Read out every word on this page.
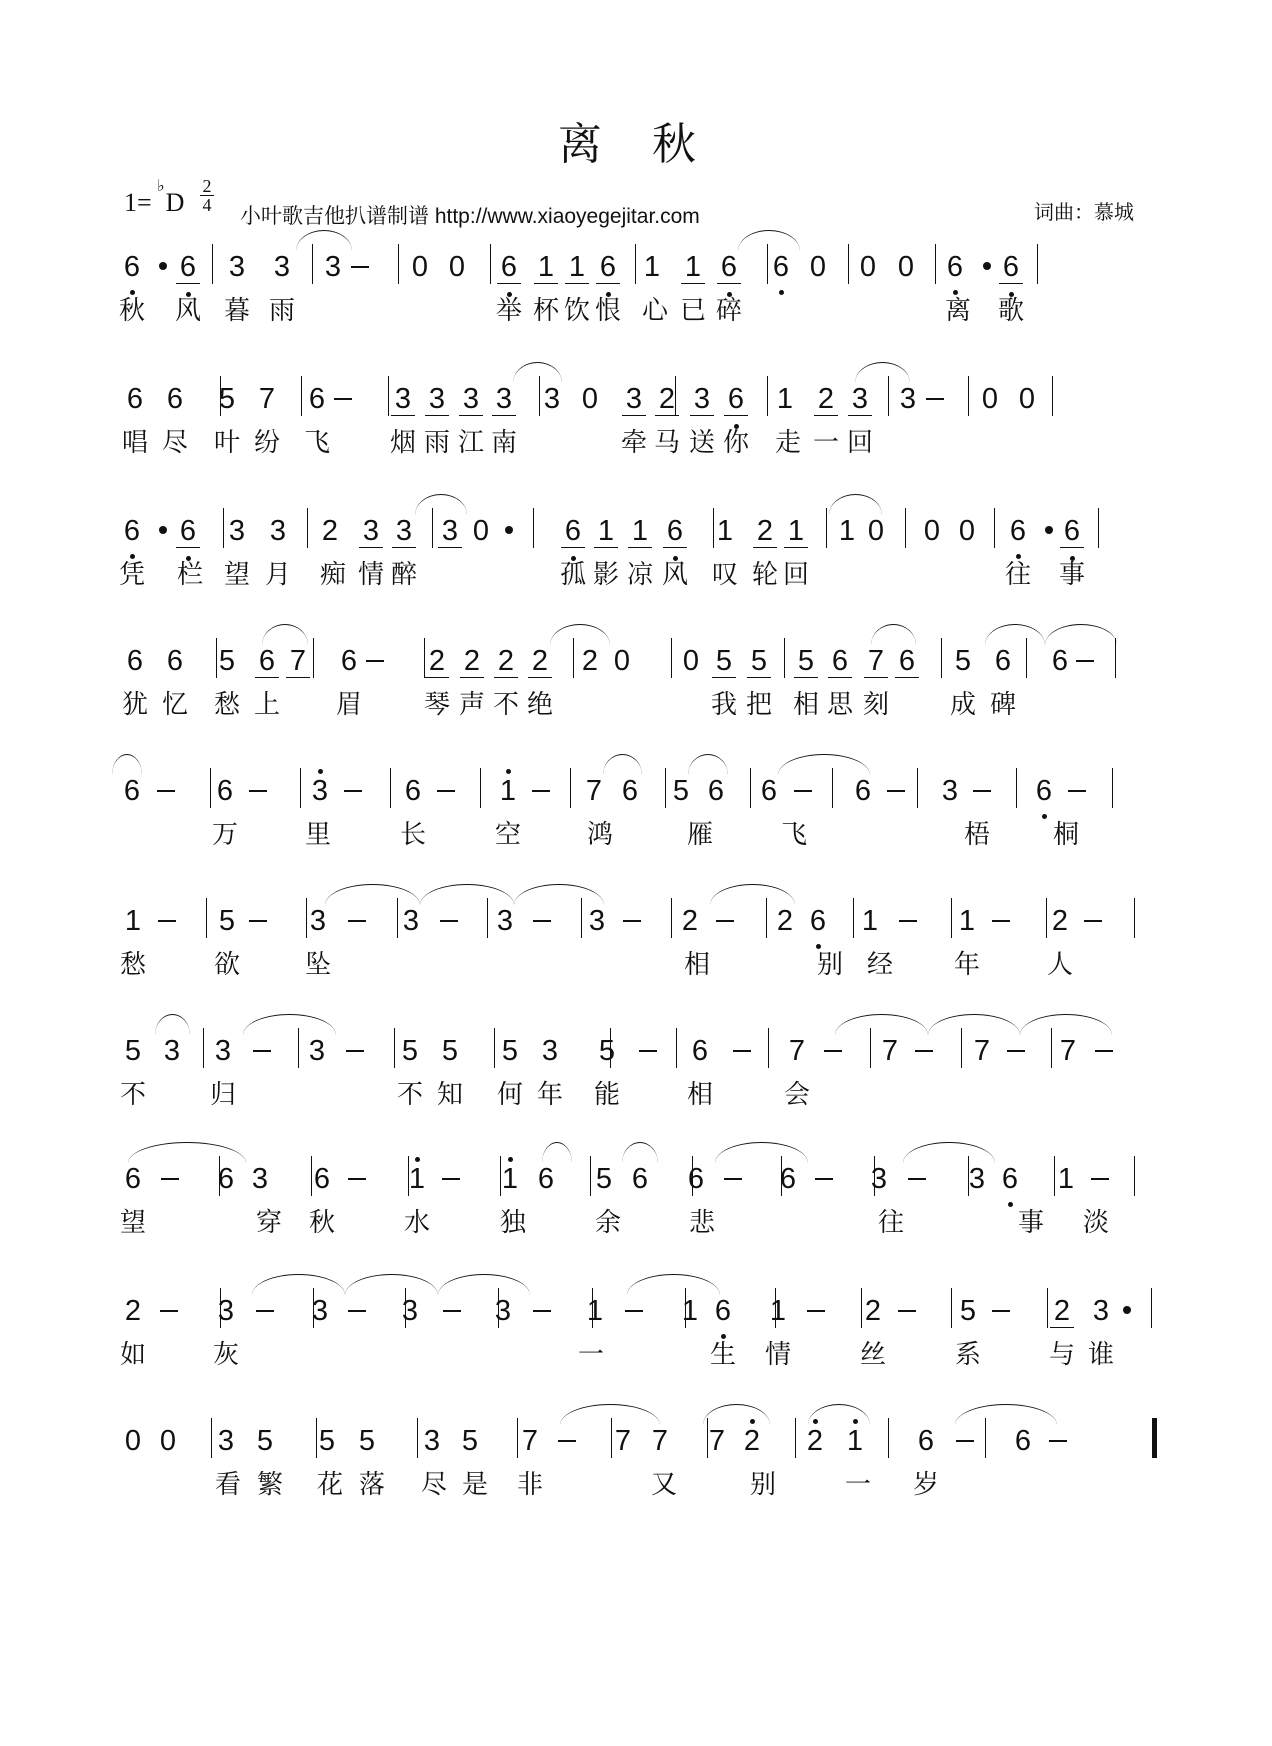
离 秋
1= D
♭ 2
4 小叶歌吉他扒谱制谱 http://www.xiaoyegejitar.com	词曲：慕城
6 6 3 3 3 0 0 6 1 1 6 1 1 6 6 0 0 0 6 6
秋 风 暮 雨	举 杯 饮 恨 心 已 碎	离 歌
6 6 5 7 6 3 3 3 3 3 0 3 2 3 6 1 2 3 3 0 0
唱 尽 叶 纷 飞 烟 雨 江 南	牵 马 送 你 走 一 回
6 6 3 3 2 3 3 3 0	6 1 1 6 1 2 1 1 0 0 0 6 6
凭 栏 望 月 痴 情 醉	孤 影 凉 风 叹 轮 回	往 事
6 6 5 6 7 6 2 2 2 2 2 0 0 5 5 5 6 7 6 5 6 6
犹 忆 愁 上 眉 琴 声 不 绝	我 把 相 思 刻 成 碑
6	6	3	6	1 7 6 5 6 6	6 3	6
万	里	长	空	鸿	雁	飞	梧 桐
1	5	3	3	3	3	2	2 6 1	1	2
愁	欲 坠	相	别 经 年	人
5 3 3	3	5 5 5 3 5	6	7	7	7 7
不 归	不 知 何 年 能	相	会
6	6 3 6	1	1 6 5 6 6	6	3	3 6 1
望	穿 秋	水	独	余	悲	往	事 淡
2	3	3	3	3	1	1 6 1	2	5	2 3
如	灰	一	生 情	丝	系	与 谁
0 0 3 5 5 5 3 5 7	7 7 7 2 2 1 6	6
看 繁 花 落 尽 是 非	又	别	一 岁
